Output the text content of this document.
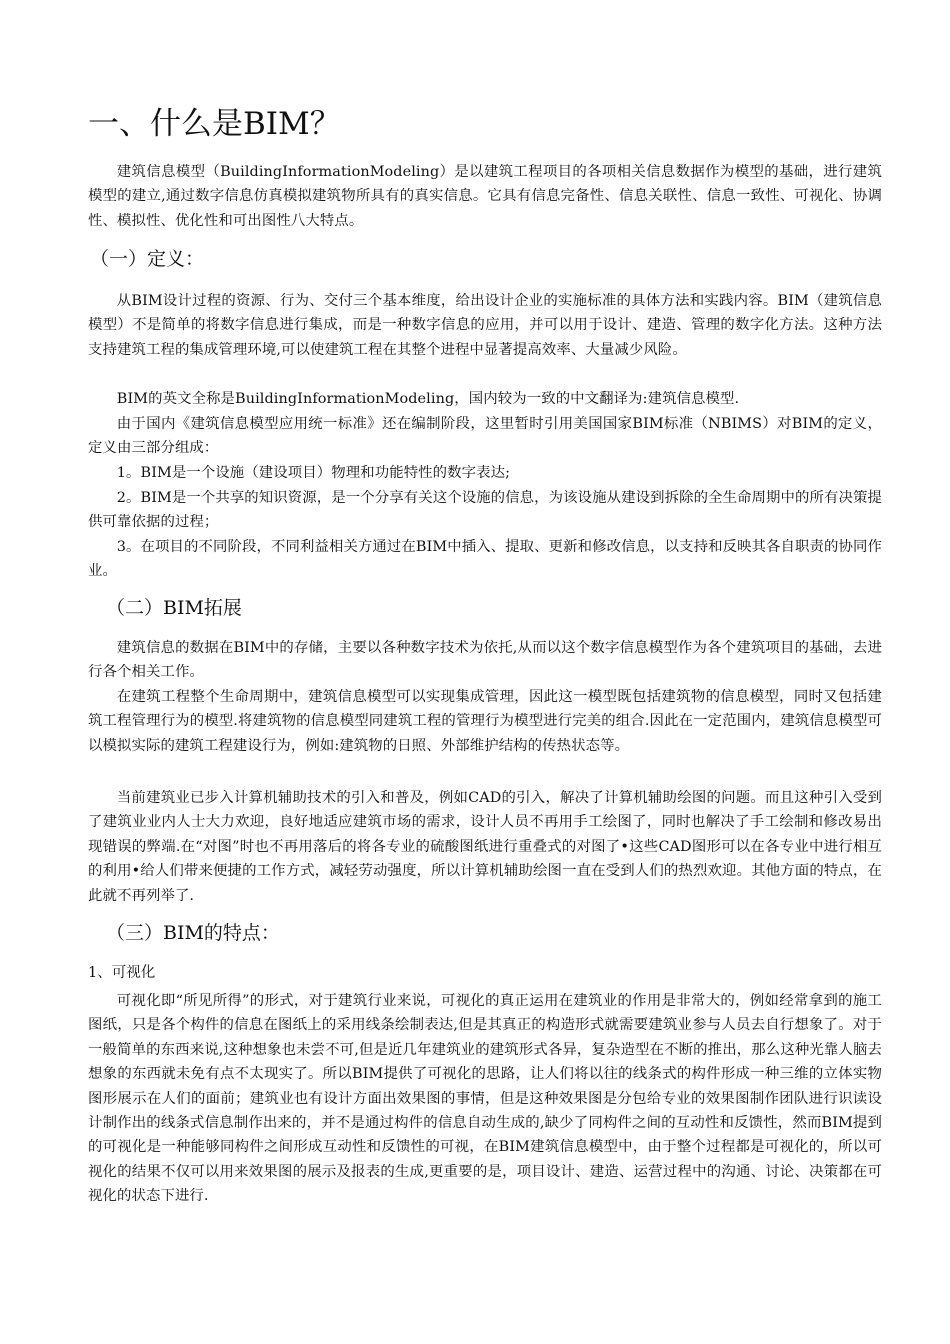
一、什么是BIM？
建筑信息模型（BuildingInformationModeling）是以建筑工程项目的各项相关信息数据作为模型的基础，进行建筑模型的建立,通过数字信息仿真模拟建筑物所具有的真实信息。它具有信息完备性、信息关联性、信息一致性、可视化、协调性、模拟性、优化性和可出图性八大特点。
（一）定义：
从BIM设计过程的资源、行为、交付三个基本维度，给出设计企业的实施标准的具体方法和实践内容。BIM（建筑信息模型）不是简单的将数字信息进行集成，而是一种数字信息的应用，并可以用于设计、建造、管理的数字化方法。这种方法支持建筑工程的集成管理环境,可以使建筑工程在其整个进程中显著提高效率、大量减少风险。
BIM的英文全称是BuildingInformationModeling，国内较为一致的中文翻译为:建筑信息模型.
由于国内《建筑信息模型应用统一标准》还在编制阶段，这里暂时引用美国国家BIM标准（NBIMS）对BIM的定义，定义由三部分组成：
1。BIM是一个设施（建设项目）物理和功能特性的数字表达;
2。BIM是一个共享的知识资源，是一个分享有关这个设施的信息，为该设施从建设到拆除的全生命周期中的所有决策提供可靠依据的过程；
3。在项目的不同阶段，不同利益相关方通过在BIM中插入、提取、更新和修改信息，以支持和反映其各自职责的协同作业。
（二）BIM拓展
建筑信息的数据在BIM中的存储，主要以各种数字技术为依托,从而以这个数字信息模型作为各个建筑项目的基础，去进行各个相关工作。
在建筑工程整个生命周期中，建筑信息模型可以实现集成管理，因此这一模型既包括建筑物的信息模型，同时又包括建筑工程管理行为的模型.将建筑物的信息模型同建筑工程的管理行为模型进行完美的组合.因此在一定范围内，建筑信息模型可以模拟实际的建筑工程建设行为，例如:建筑物的日照、外部维护结构的传热状态等。
当前建筑业已步入计算机辅助技术的引入和普及，例如CAD的引入，解决了计算机辅助绘图的问题。而且这种引入受到了建筑业业内人士大力欢迎，良好地适应建筑市场的需求，设计人员不再用手工绘图了，同时也解决了手工绘制和修改易出现错误的弊端.在“对图”时也不再用落后的将各专业的硫酸图纸进行重叠式的对图了•这些CAD图形可以在各专业中进行相互的利用•给人们带来便捷的工作方式，减轻劳动强度，所以计算机辅助绘图一直在受到人们的热烈欢迎。其他方面的特点，在此就不再列举了.
（三）BIM的特点：
1、可视化
可视化即“所见所得”的形式，对于建筑行业来说，可视化的真正运用在建筑业的作用是非常大的，例如经常拿到的施工图纸，只是各个构件的信息在图纸上的采用线条绘制表达,但是其真正的构造形式就需要建筑业参与人员去自行想象了。对于一般简单的东西来说,这种想象也未尝不可,但是近几年建筑业的建筑形式各异，复杂造型在不断的推出，那么这种光靠人脑去想象的东西就未免有点不太现实了。所以BIM提供了可视化的思路，让人们将以往的线条式的构件形成一种三维的立体实物图形展示在人们的面前；建筑业也有设计方面出效果图的事情，但是这种效果图是分包给专业的效果图制作团队进行识读设计制作出的线条式信息制作出来的，并不是通过构件的信息自动生成的,缺少了同构件之间的互动性和反馈性，然而BIM提到的可视化是一种能够同构件之间形成互动性和反馈性的可视，在BIM建筑信息模型中，由于整个过程都是可视化的，所以可视化的结果不仅可以用来效果图的展示及报表的生成,更重要的是，项目设计、建造、运营过程中的沟通、讨论、决策都在可视化的状态下进行.
